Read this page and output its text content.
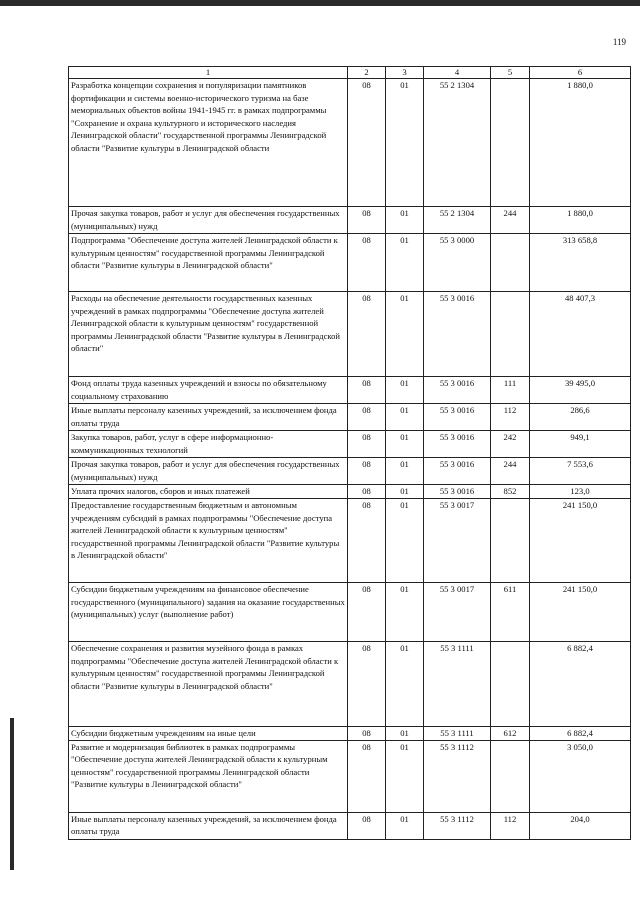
119
1	2	3	4	5	6
Разработка концепции сохранения и популяризации памятников фортификации и системы военно-исторического туризма на базе мемориальных объектов войны 1941-1945 гг. в рамках подпрограммы "Сохранение и охрана культурного и исторического наследия Ленинградской области" государственной программы Ленинградской области "Развитие культуры в Ленинградской области	08	01	55 2 1304		1 880,0
Прочая закупка товаров, работ и услуг для обеспечения государственных (муниципальных) нужд	08	01	55 2 1304	244	1 880,0
Подпрограмма "Обеспечение доступа жителей Ленинградской области к культурным ценностям" государственной программы Ленинградской области "Развитие культуры в Ленинградской области"	08	01	55 3 0000		313 658,8
Расходы на обеспечение деятельности государственных казенных учреждений в рамках подпрограммы "Обеспечение доступа жителей Ленинградской области к культурным ценностям" государственной программы Ленинградской области "Развитие культуры в Ленинградской области"	08	01	55 3 0016		48 407,3
Фонд оплаты труда казенных учреждений и взносы по обязательному социальному страхованию	08	01	55 3 0016	111	39 495,0
Иные выплаты персоналу казенных учреждений, за исключением фонда оплаты труда	08	01	55 3 0016	112	286,6
Закупка товаров, работ, услуг в сфере информационно-коммуникационных технологий	08	01	55 3 0016	242	949,1
Прочая закупка товаров, работ и услуг для обеспечения государственных (муниципальных) нужд	08	01	55 3 0016	244	7 553,6
Уплата прочих налогов, сборов и иных платежей	08	01	55 3 0016	852	123,0
Предоставление государственным бюджетным и автономным учреждениям субсидий в рамках подпрограммы "Обеспечение доступа жителей Ленинградской области к культурным ценностям" государственной программы Ленинградской области "Развитие культуры в Ленинградской области"	08	01	55 3 0017		241 150,0
Субсидии бюджетным учреждениям на финансовое обеспечение государственного (муниципального) задания на оказание государственных (муниципальных) услуг (выполнение работ)	08	01	55 3 0017	611	241 150,0
Обеспечение сохранения и развития музейного фонда в рамках подпрограммы "Обеспечение доступа жителей Ленинградской области к культурным ценностям" государственной программы Ленинградской области "Развитие культуры в Ленинградской области"	08	01	55 3 1111		6 882,4
Субсидии бюджетным учреждениям на иные цели	08	01	55 3 1111	612	6 882,4
Развитие и модернизация библиотек в рамках подпрограммы "Обеспечение доступа жителей Ленинградской области к культурным ценностям" государственной программы Ленинградской области "Развитие культуры в Ленинградской области"	08	01	55 3 1112		3 050,0
Иные выплаты персоналу казенных учреждений, за исключением фонда оплаты труда	08	01	55 3 1112	112	204,0
